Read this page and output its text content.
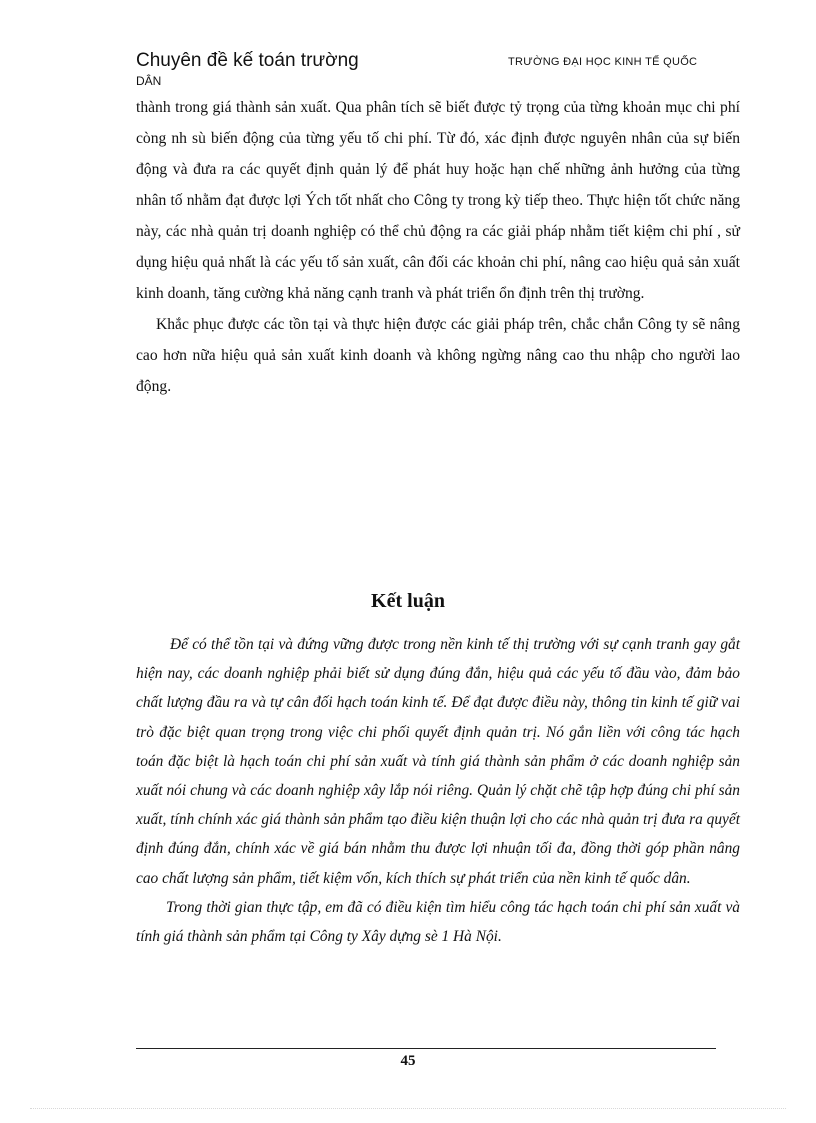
Chuyên đề kế toán trường
DÂN
TRƯỜNG ĐẠI HỌC KINH TẾ QUỐC

thành trong giá thành sản xuất. Qua phân tích sẽ biết được tỷ trọng của từng khoản mục chi phí còng nh sù biến động của từng yếu tố chi phí. Từ đó, xác định được nguyên nhân của sự biến động và đưa ra các quyết định quản lý để phát huy hoặc hạn chế những ảnh hưởng của từng nhân tố nhằm đạt được lợi Ých tốt nhất cho Công ty trong kỳ tiếp theo. Thực hiện tốt chức năng này, các nhà quản trị doanh nghiệp có thể chủ động ra các giải pháp nhằm tiết kiệm chi phí , sử dụng hiệu quả nhất là các yếu tố sản xuất, cân đối các khoản chi phí, nâng cao hiệu quả sản xuất kinh doanh, tăng cường khả năng cạnh tranh và phát triển ổn định trên thị trường.

Khắc phục được các tồn tại và thực hiện được các giải pháp trên, chắc chắn Công ty sẽ nâng cao hơn nữa hiệu quả sản xuất kinh doanh và không ngừng nâng cao thu nhập cho người lao động.

Kết luận

Để có thể tồn tại và đứng vững được trong nền kinh tế thị trường với sự cạnh tranh gay gắt hiện nay, các doanh nghiệp phải biết sử dụng đúng đắn, hiệu quả các yếu tố đầu vào, đảm bảo chất lượng đầu ra và tự cân đối hạch toán kinh tế. Để đạt được điều này, thông tin kinh tế giữ vai trò đặc biệt quan trọng trong việc chi phối quyết định quản trị. Nó gắn liền với công tác hạch toán đặc biệt là hạch toán chi phí sản xuất và tính giá thành sản phẩm ở các doanh nghiệp sản xuất nói chung và các doanh nghiệp xây lắp nói riêng. Quản lý chặt chẽ tập hợp đúng chi phí sản xuất, tính chính xác giá thành sản phẩm tạo điều kiện thuận lợi cho các nhà quản trị đưa ra quyết định đúng đắn, chính xác về giá bán nhằm thu được lợi nhuận tối đa, đồng thời góp phần nâng cao chất lượng sản phẩm, tiết kiệm vốn, kích thích sự phát triển của nền kinh tế quốc dân.

Trong thời gian thực tập, em đã có điều kiện tìm hiểu công tác hạch toán chi phí sản xuất và tính giá thành sản phẩm tại Công ty Xây dựng sè 1 Hà Nội.

45
